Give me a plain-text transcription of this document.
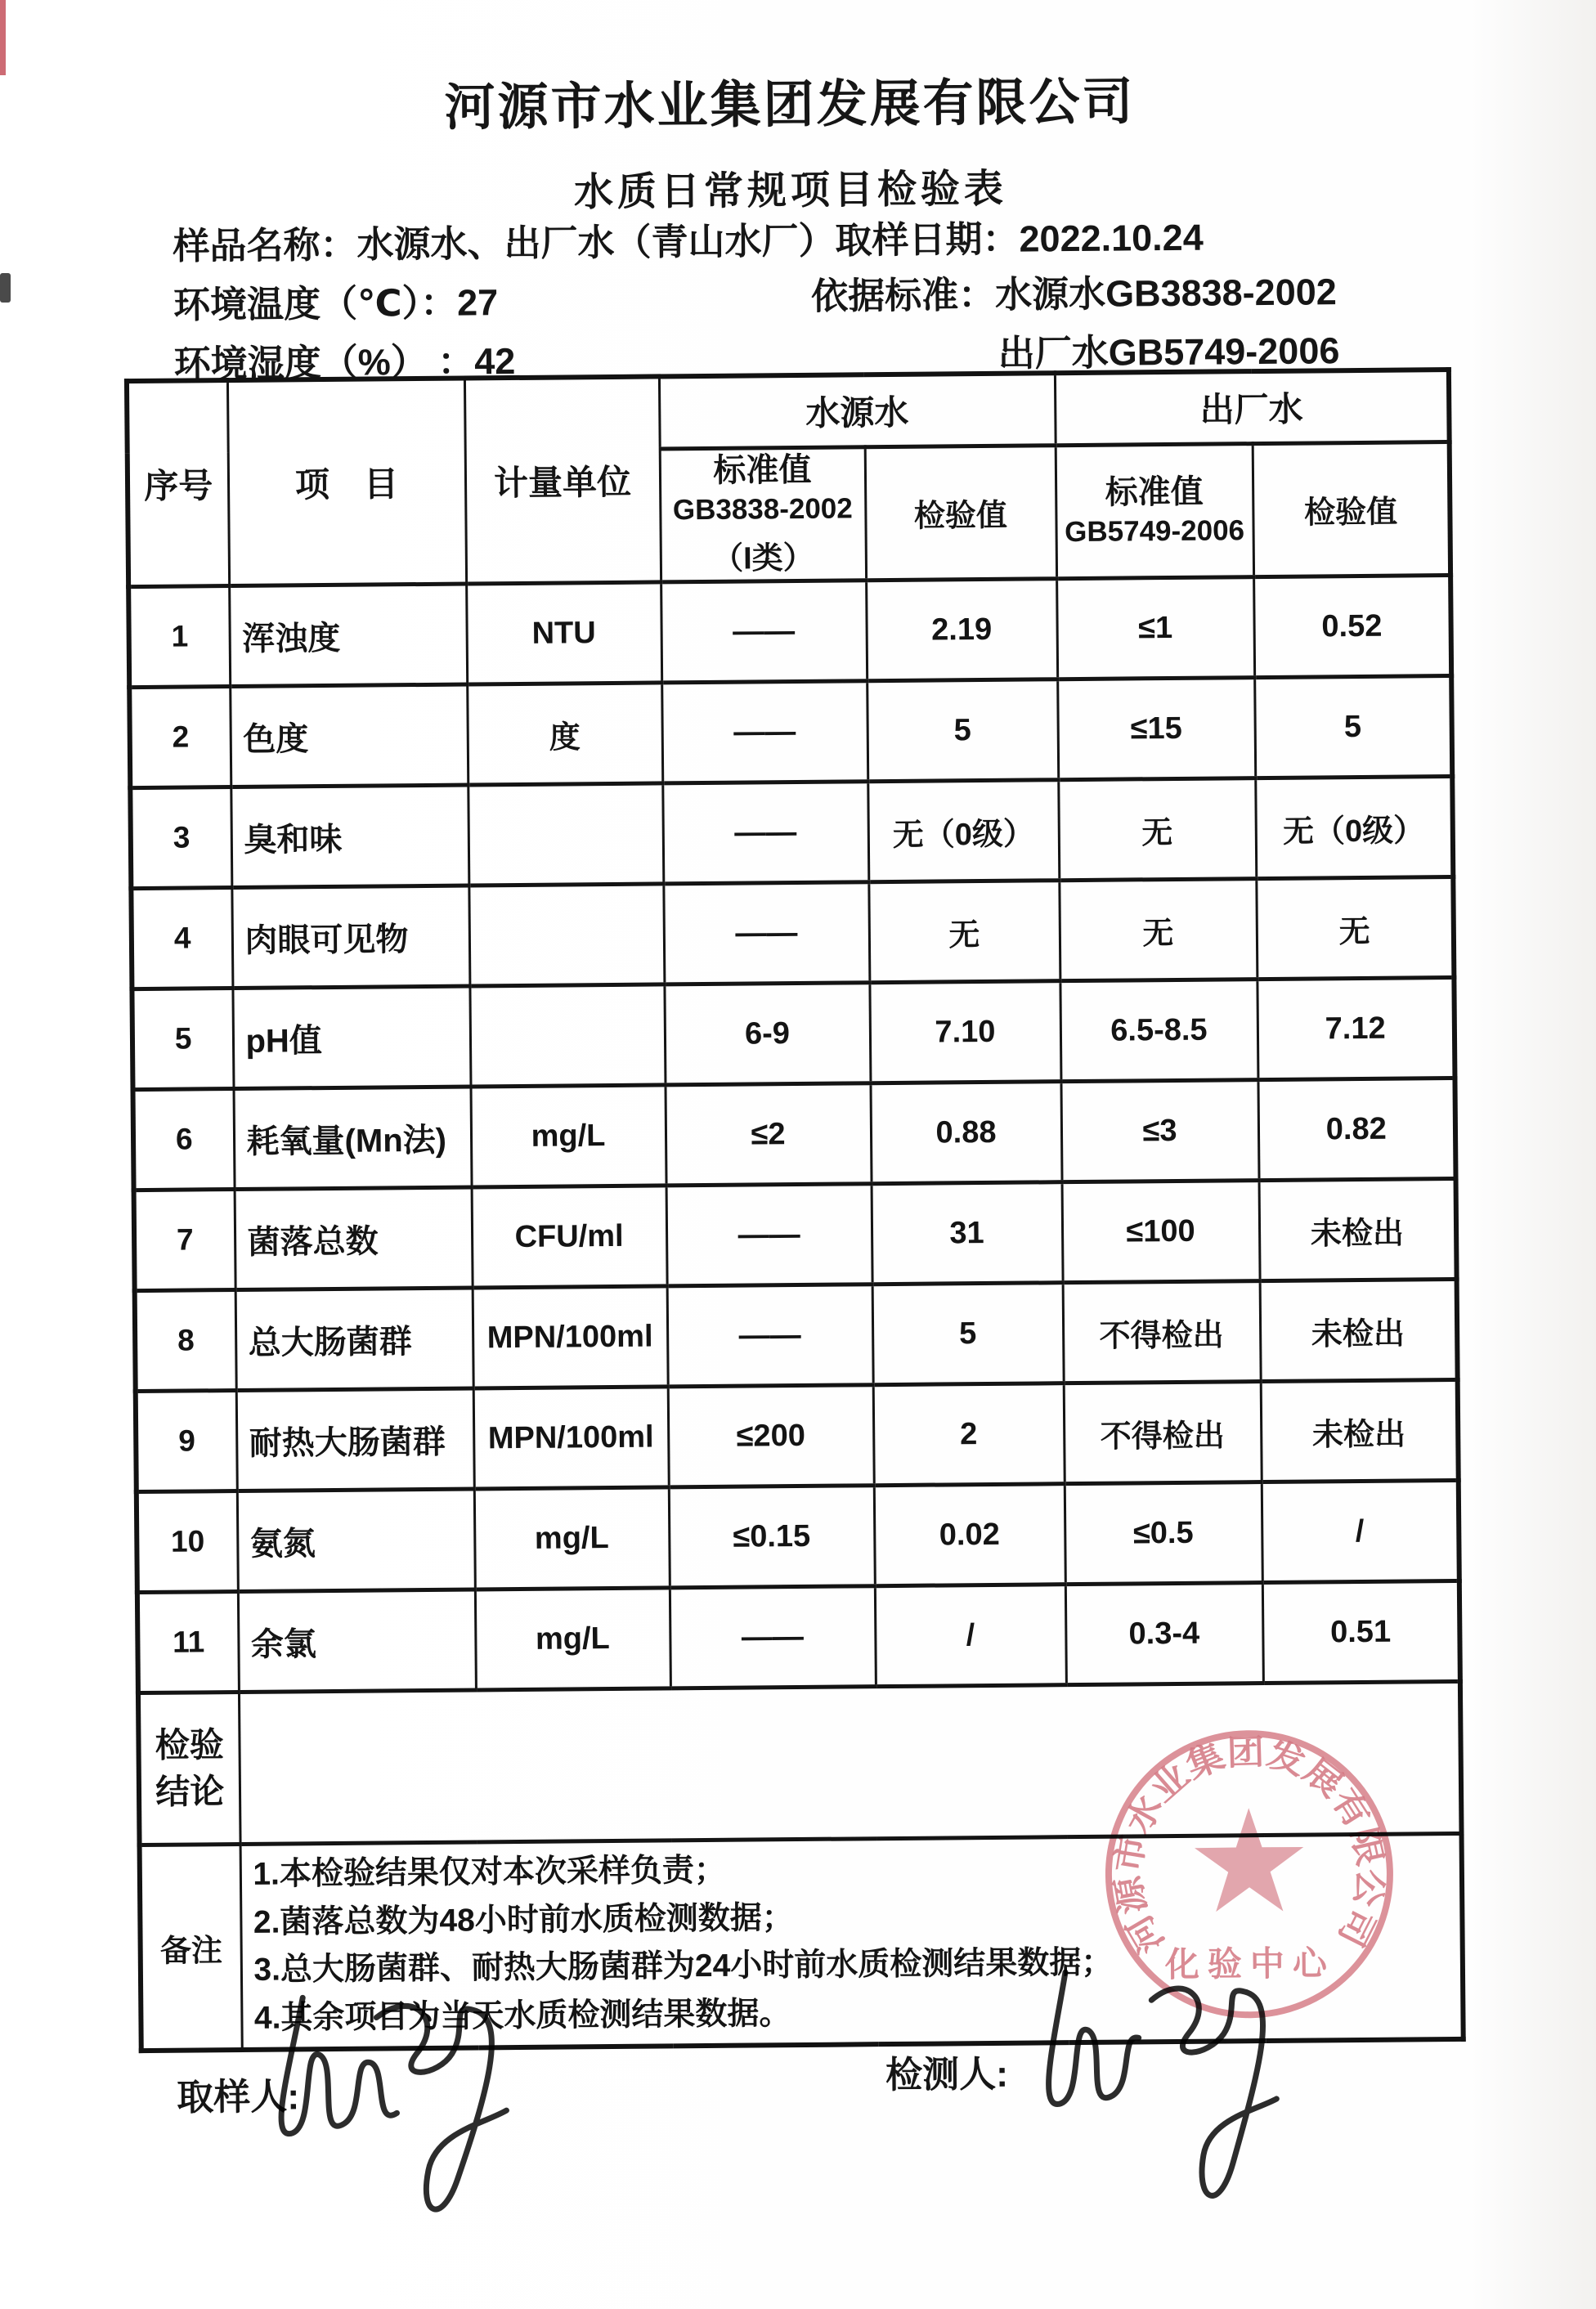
河源市水业集团发展有限公司
水质日常规项目检验表
样品名称：水源水、出厂水（青山水厂）取样日期：2022.10.24
环境温度（℃）：27	依据标准：水源水GB3838-2002
环境湿度（%） ：42	出厂水GB5749-2006
序号	项　目	计量单位	水源水		出厂水	

			标准值
GB3838-2002
（I类）	检验值	标准值
GB5749-2006	检验值
1	浑浊度	NTU	——	2.19	≤1	0.52
2	色度	度	——	5	≤15	5
3	臭和味		——	无（0级）	无	无（0级）
4	肉眼可见物		——	无	无	无
5	pH值		6-9	7.10	6.5-8.5	7.12
6	耗氧量(Mn法)	mg/L	≤2	0.88	≤3	0.82
7	菌落总数	CFU/ml	——	31	≤100	未检出
8	总大肠菌群	MPN/100ml	——	5	不得检出	未检出
9	耐热大肠菌群	MPN/100ml	≤200	2	不得检出	未检出
10	氨氮	mg/L	≤0.15	0.02	≤0.5	/
11	余氯	mg/L	——	/	0.3-4	0.51

检验
结论						

备注	1.本检验结果仅对本次采样负责；
2.菌落总数为48小时前水质检测数据；
3.总大肠菌群、耐热大肠菌群为24小时前水质检测结果数据；
4.其余项目为当天水质检测结果数据。					
河源市水业集团发展有限公司
化验中心
取样人:
检测人:
